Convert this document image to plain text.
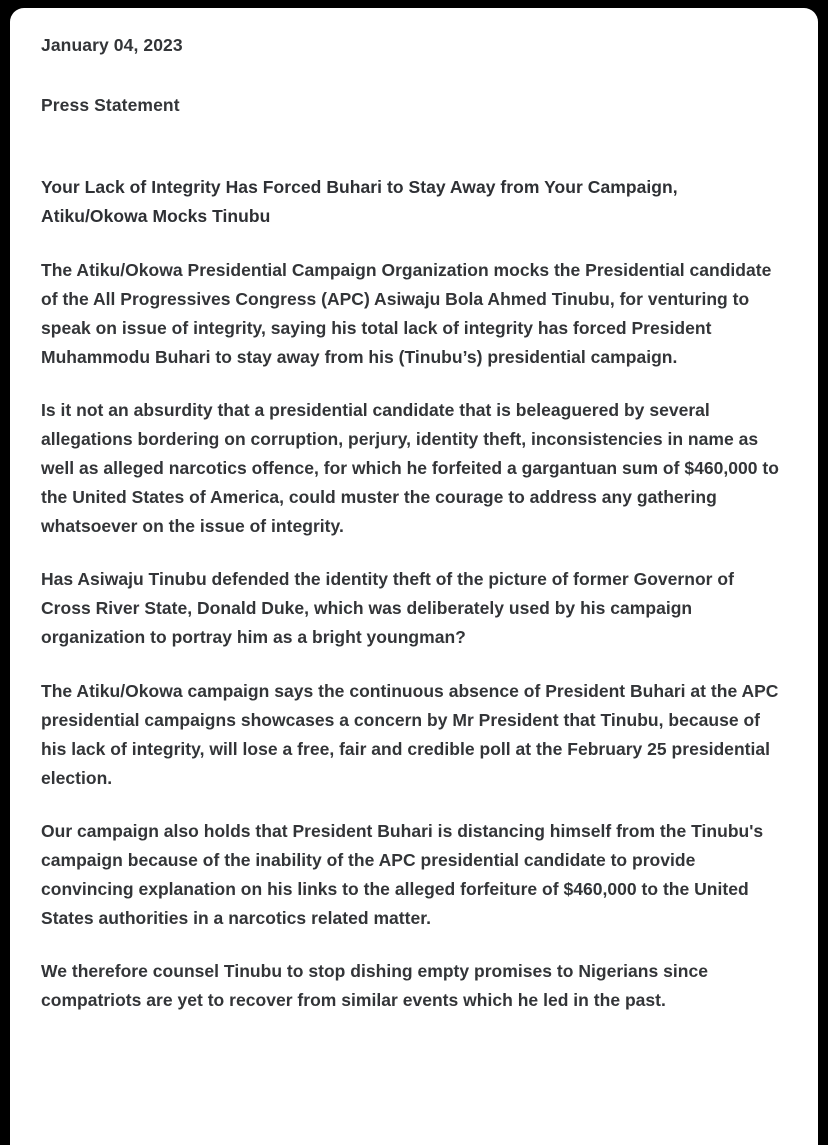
January 04, 2023
Press Statement
Your Lack of Integrity Has Forced Buhari to Stay Away from Your Campaign, Atiku/Okowa Mocks Tinubu

The Atiku/Okowa Presidential Campaign Organization mocks the Presidential candidate of the All Progressives Congress (APC) Asiwaju Bola Ahmed Tinubu, for venturing to speak on issue of integrity, saying his total lack of integrity has forced President Muhammodu Buhari to stay away from his (Tinubu’s) presidential campaign.

Is it not an absurdity that a presidential candidate that is beleaguered by several allegations bordering on corruption, perjury, identity theft, inconsistencies in name as well as alleged narcotics offence, for which he forfeited a gargantuan sum of $460,000 to the United States of America, could muster the courage to address any gathering whatsoever on the issue of integrity.

Has Asiwaju Tinubu defended the identity theft of the picture of former Governor of Cross River State, Donald Duke, which was deliberately used by his campaign organization to portray him as a bright youngman?

The Atiku/Okowa campaign says the continuous absence of President Buhari at the APC presidential campaigns showcases a concern by Mr President that Tinubu, because of his lack of integrity, will lose a free, fair and credible poll at the February 25 presidential election.

Our campaign also holds that President Buhari is distancing himself from the Tinubu's campaign because of the inability of the APC presidential candidate to provide convincing explanation on his links to the alleged forfeiture of $460,000 to the United States authorities in a narcotics related matter.

We therefore counsel Tinubu to stop dishing empty promises to Nigerians since compatriots are yet to recover from similar events which he led in the past.
